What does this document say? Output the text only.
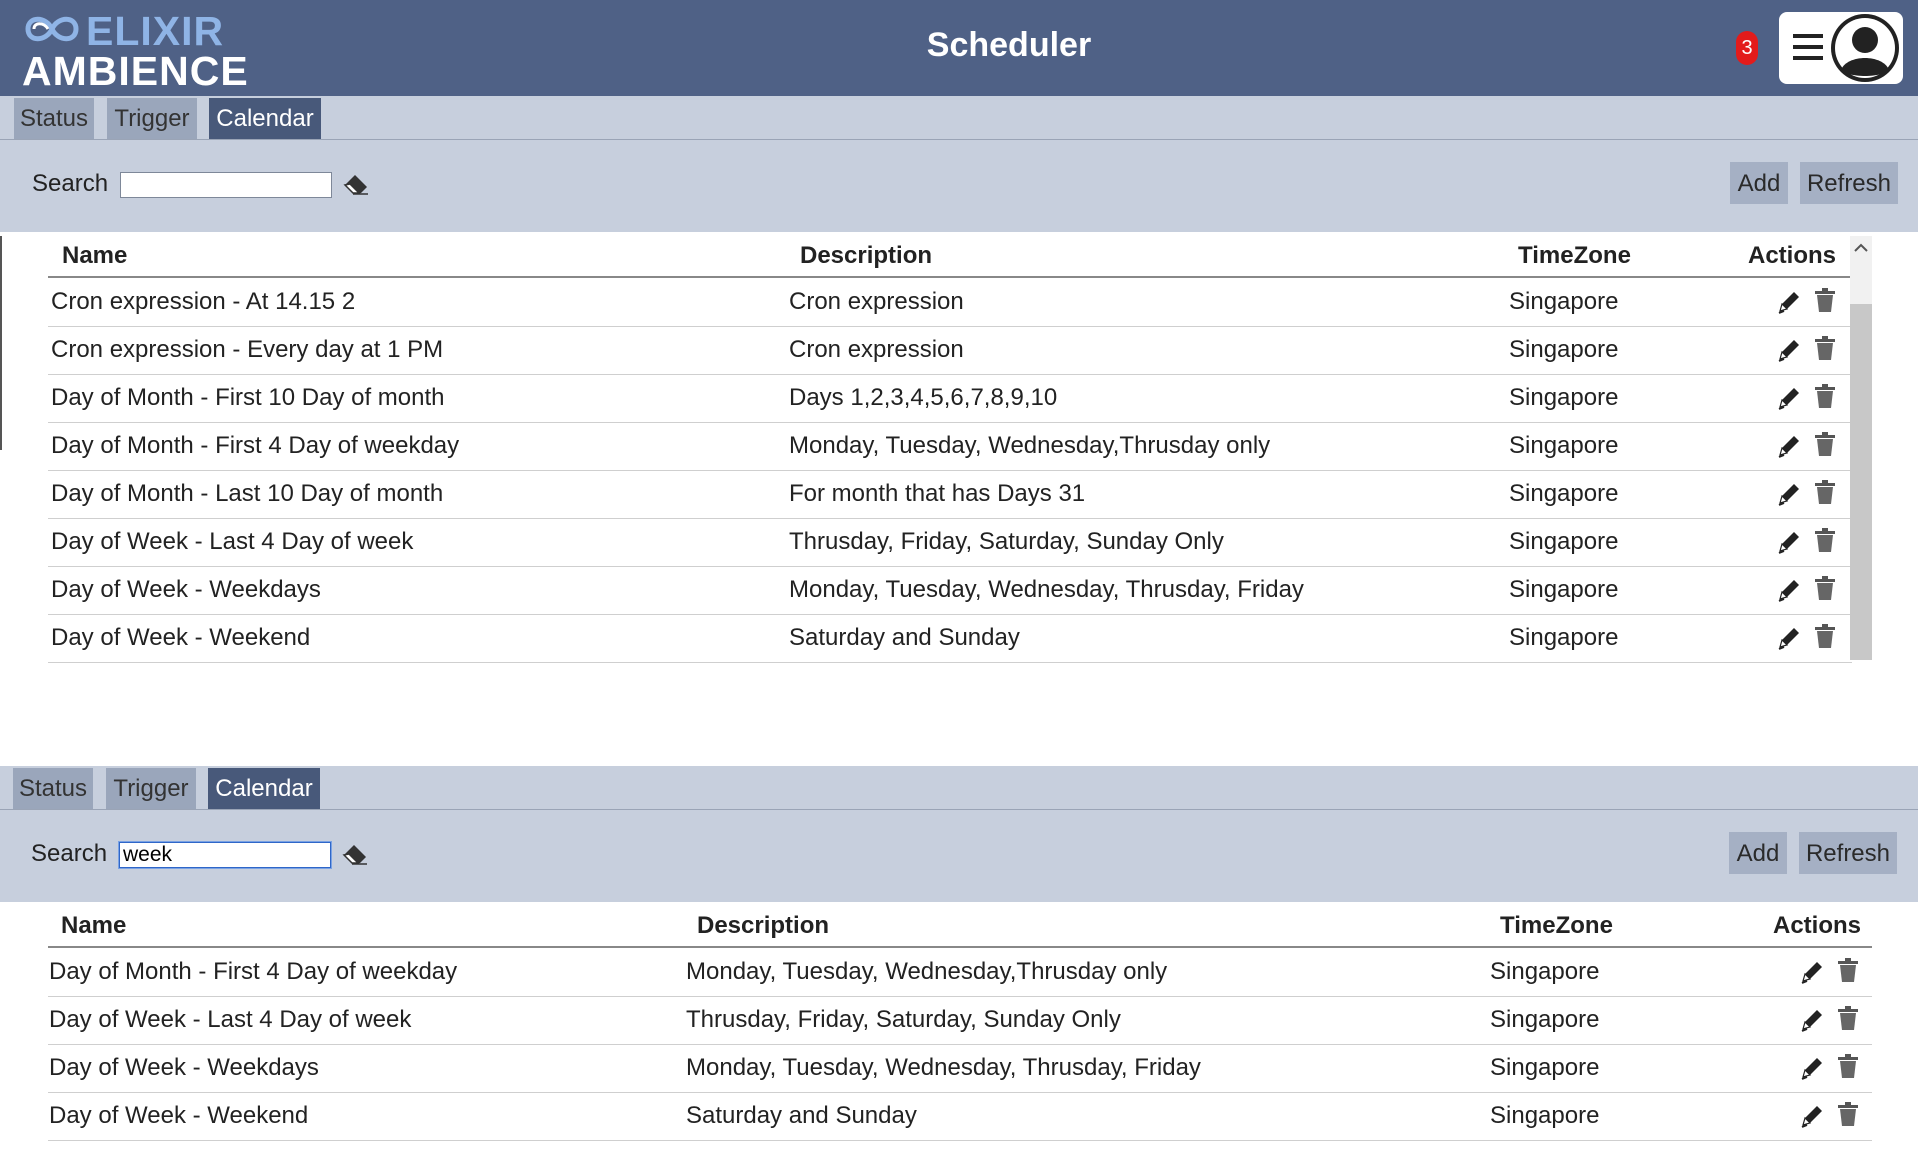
ELIXIR
AMBIENCE
Scheduler	3
Status	Trigger	Calendar
Search	Add	Refresh
Name	Description	TimeZone	Actions
Cron expression - At 14.15 2	Cron expression	Singapore
Cron expression - Every day at 1 PM	Cron expression	Singapore
Day of Month - First 10 Day of month	Days 1,2,3,4,5,6,7,8,9,10	Singapore
Day of Month - First 4 Day of weekday	Monday, Tuesday, Wednesday,Thrusday only	Singapore
Day of Month - Last 10 Day of month	For month that has Days 31	Singapore
Day of Week - Last 4 Day of week	Thrusday, Friday, Saturday, Sunday Only	Singapore
Day of Week - Weekdays	Monday, Tuesday, Wednesday, Thrusday, Friday	Singapore
Day of Week - Weekend	Saturday and Sunday	Singapore
Status	Trigger	Calendar
Search
week	Add	Refresh
Name	Description	TimeZone	Actions
Day of Month - First 4 Day of weekday	Monday, Tuesday, Wednesday,Thrusday only	Singapore
Day of Week - Last 4 Day of week	Thrusday, Friday, Saturday, Sunday Only	Singapore
Day of Week - Weekdays	Monday, Tuesday, Wednesday, Thrusday, Friday	Singapore
Day of Week - Weekend	Saturday and Sunday	Singapore
